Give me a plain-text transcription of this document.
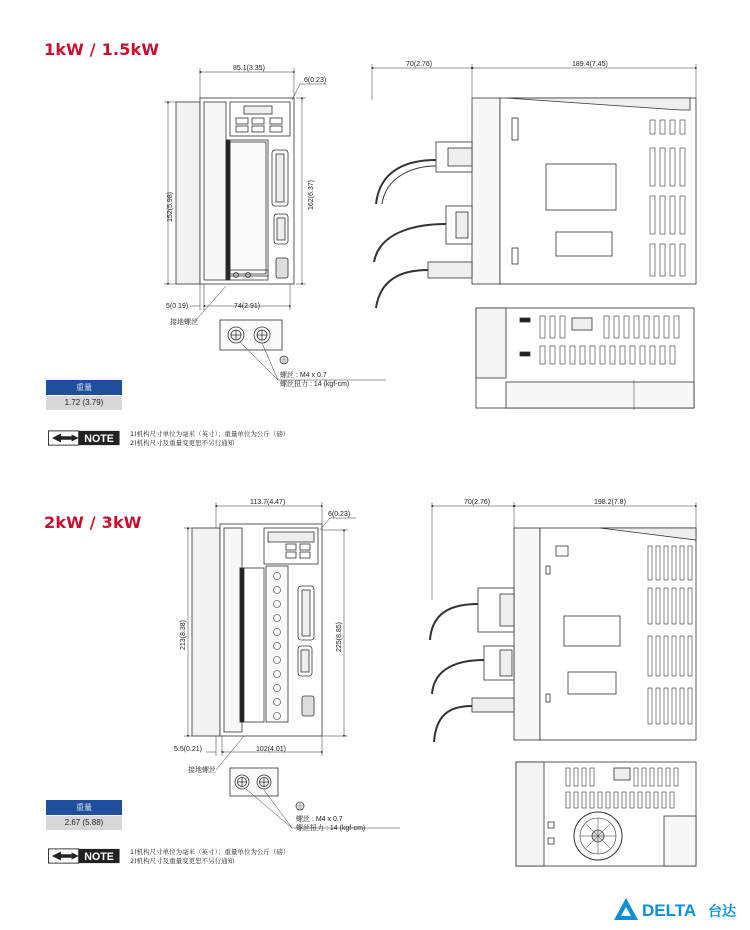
1kW / 1.5kW
2kW / 3kW
85.1(3.35)
6(0.23)
70(2.76)	189.4(7.45)
152(5.98)	162(6.37)
5(0.19)	74(2.91)
接地螺丝
螺丝 : M4 x 0.7
螺丝扭力 : 14 (kgf-cm)
113.7(4.47)
6(0.23)
70(2.76)	198.2(7.8)
213(8.38)	225(8.85)
5.5(0.21)	102(4.01)
接地螺丝
螺丝 : M4 x 0.7
螺丝扭力 : 14 (kgf-cm)
重量
1.72 (3.79)
重量
2.67 (5.88)
NOTE 1)机构尺寸单位为毫米（英寸）；重量单位为公斤（磅）
2)机构尺寸及重量变更恕不另行通知
NOTE 1)机构尺寸单位为毫米（英寸）；重量单位为公斤（磅）
2)机构尺寸及重量变更恕不另行通知
DELTA 台达
